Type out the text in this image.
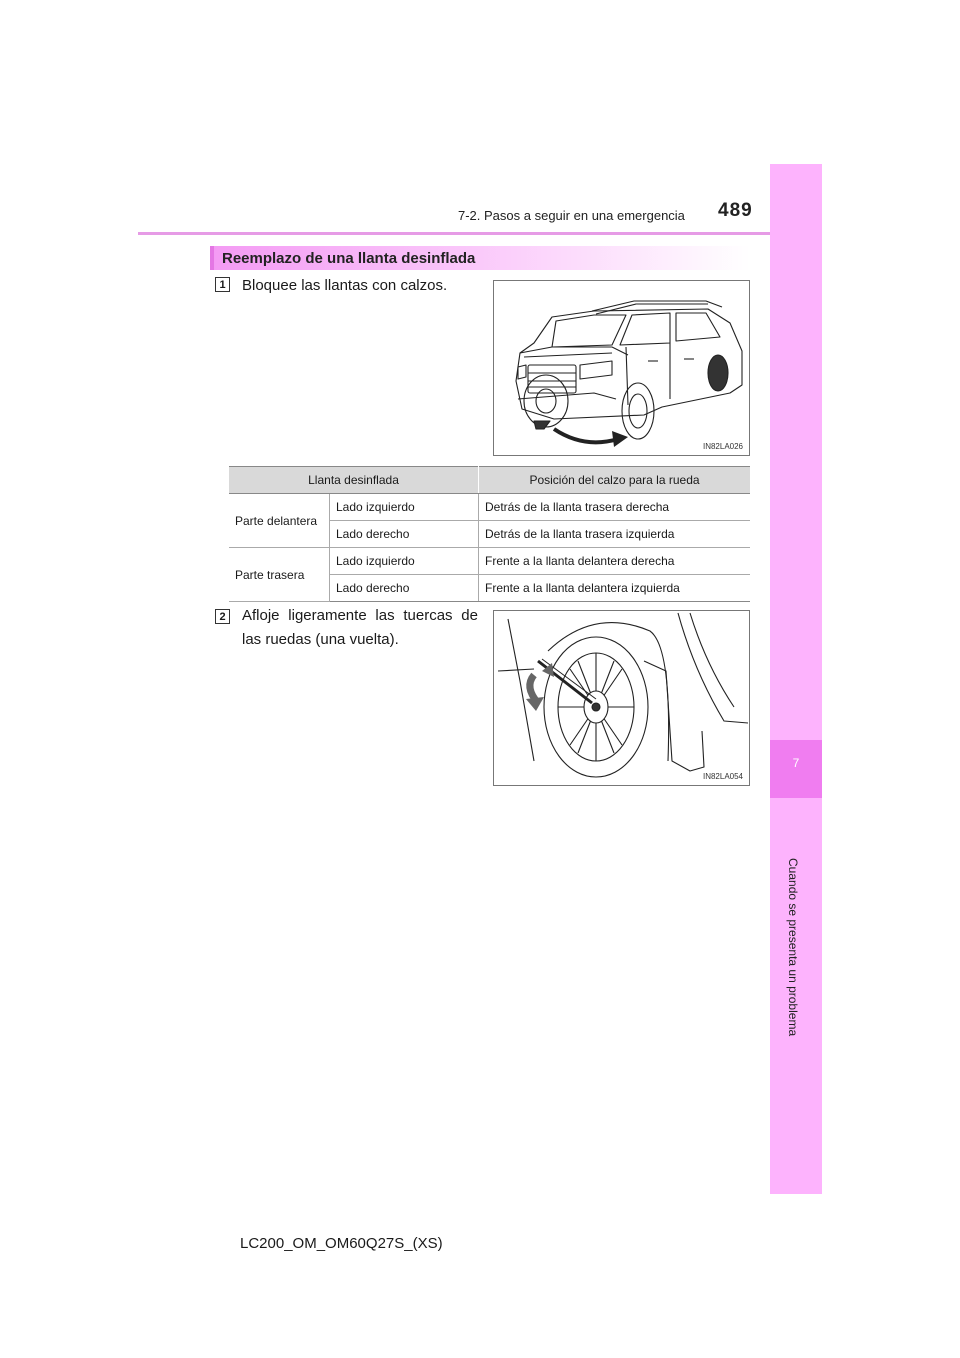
7-2. Pasos a seguir en una emergencia 489
7
Cuando se presenta un problema
Reemplazo de una llanta desinflada
1 Bloquee las llantas con calzos.
IN82LA026
Llanta desinflada		Posición del calzo para la rueda
Parte delantera	Lado izquierdo	Detrás de la llanta trasera derecha
	Lado derecho	Detrás de la llanta trasera izquierda
Parte trasera	Lado izquierdo	Frente a la llanta delantera derecha
	Lado derecho	Frente a la llanta delantera izquierda
2 Afloje ligeramente las tuercas de las ruedas (una vuelta).
IN82LA054
LC200_OM_OM60Q27S_(XS)
